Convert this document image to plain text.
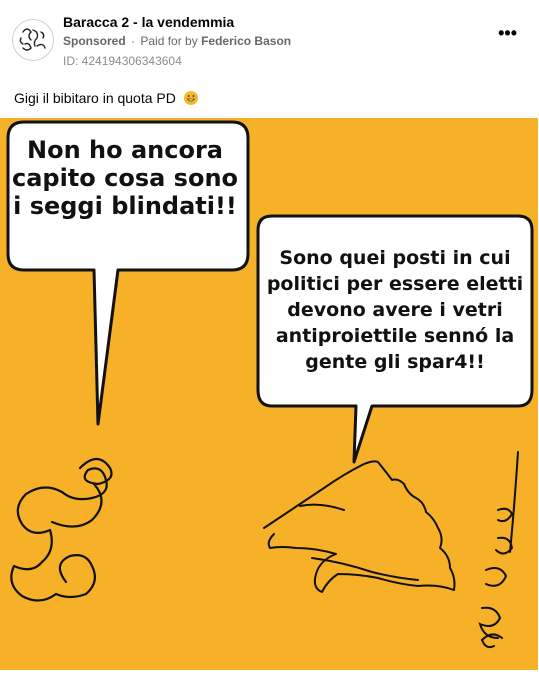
Baracca 2 - la vendemmia
Sponsored · Paid for by Federico Bason
ID: 424194306343604
•••
Gigi il bibitaro in quota PD
Non ho ancora capito cosa sono i seggi blindati!!
Sono quei posti in cui politici per essere eletti devono avere i vetri antiproiettile sennó la gente gli spar4!!
